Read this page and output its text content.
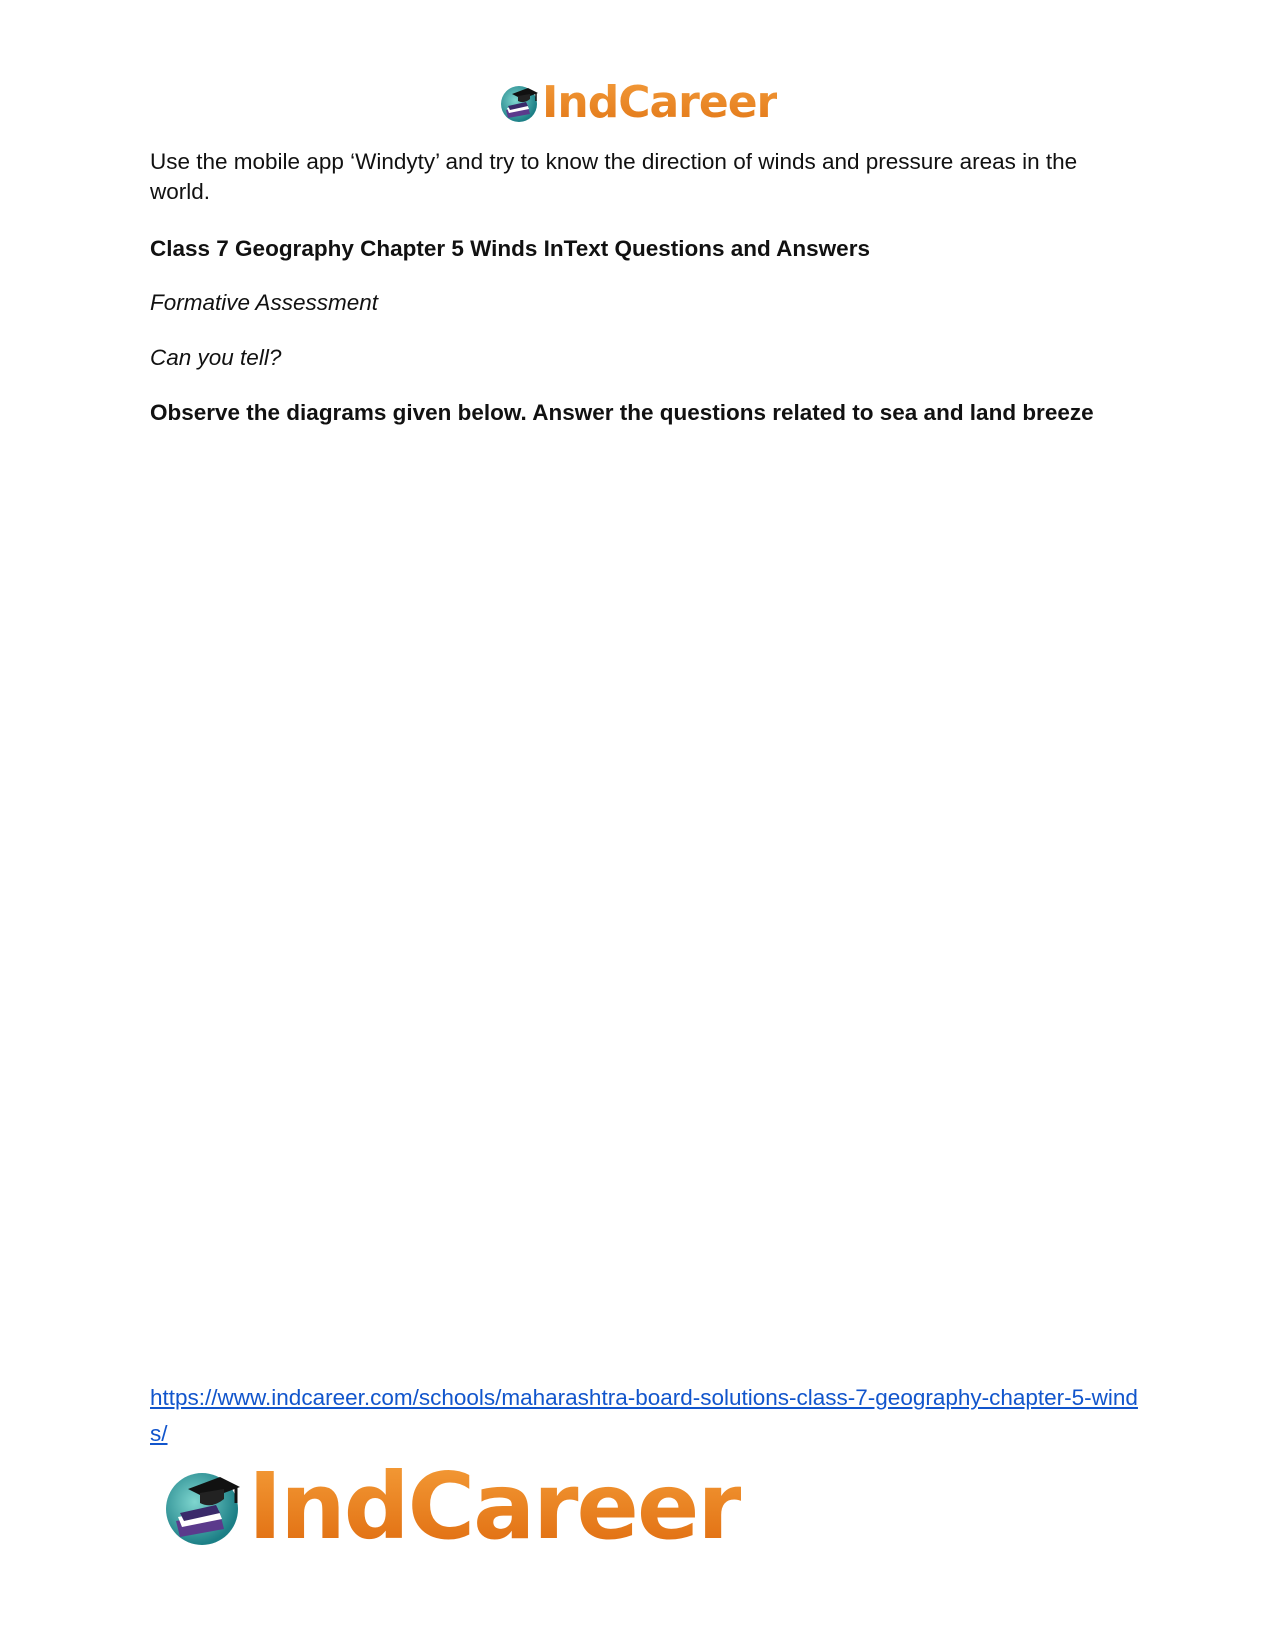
IndCareer

Use the mobile app ‘Windyty’ and try to know the direction of winds and pressure areas in the world.

Class 7 Geography Chapter 5 Winds InText Questions and Answers

Formative Assessment

Can you tell?

Observe the diagrams given below. Answer the questions related to sea and land breeze

https://www.indcareer.com/schools/maharashtra-board-solutions-class-7-geography-chapter-5-winds/
IndCareer
